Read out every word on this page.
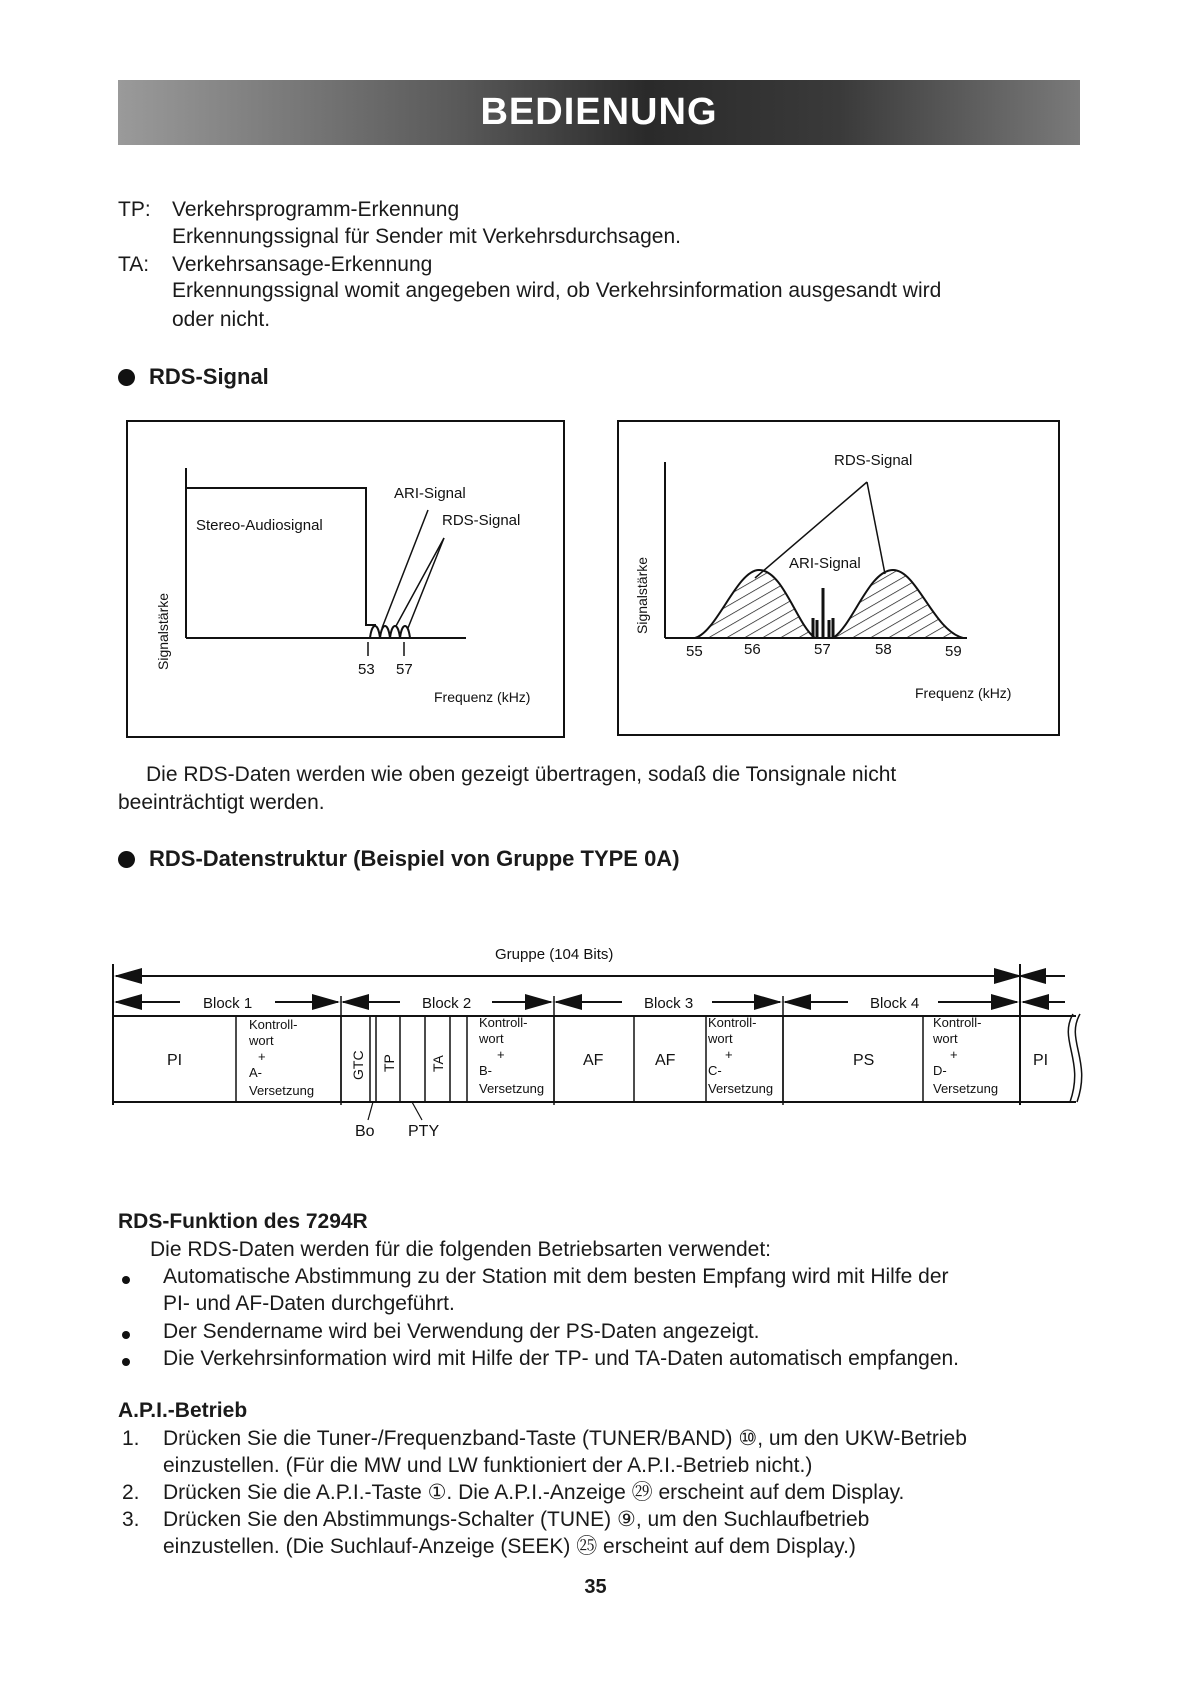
BEDIENUNG
TP: Verkehrsprogramm-Erkennung
Erkennungssignal für Sender mit Verkehrsdurchsagen.
TA: Verkehrsansage-Erkennung
Erkennungssignal womit angegeben wird, ob Verkehrsinformation ausgesandt wird
oder nicht.
RDS-Signal
Signalstärke
Stereo-Audiosignal
ARI-Signal
RDS-Signal
53 57
Frequenz (kHz)
Signalstärke	ARI-Signal
RDS-Signal
55	56	57	58	59
Frequenz (kHz)
Die RDS-Daten werden wie oben gezeigt übertragen, sodaß die Tonsignale nicht
beeinträchtigt werden.
RDS-Datenstruktur (Beispiel von Gruppe TYPE 0A)
Gruppe (104 Bits)
Block 1	Block 2	Block 3	Block 4
PI
Kontroll-
wort
+
A-
Versetzung
GTC TP TA
Kontroll-
wort
+
B-
Versetzung
AF	AF
Kontroll-
wort
+
C-
Versetzung
PS
Kontroll-
wort
+
D-
Versetzung
PI
Bo PTY
RDS-Funktion des 7294R
Die RDS-Daten werden für die folgenden Betriebsarten verwendet:
Automatische Abstimmung zu der Station mit dem besten Empfang wird mit Hilfe der
PI- und AF-Daten durchgeführt.
Der Sendername wird bei Verwendung der PS-Daten angezeigt.
Die Verkehrsinformation wird mit Hilfe der TP- und TA-Daten automatisch empfangen.
A.P.I.-Betrieb
1. Drücken Sie die Tuner-/Frequenzband-Taste (TUNER/BAND) ⑩, um den UKW-Betrieb
einzustellen. (Für die MW und LW funktioniert der A.P.I.-Betrieb nicht.)
2. Drücken Sie die A.P.I.-Taste ①. Die A.P.I.-Anzeige ㉙ erscheint auf dem Display.
3. Drücken Sie den Abstimmungs-Schalter (TUNE) ⑨, um den Suchlaufbetrieb
einzustellen. (Die Suchlauf-Anzeige (SEEK) ㉕ erscheint auf dem Display.)
35
